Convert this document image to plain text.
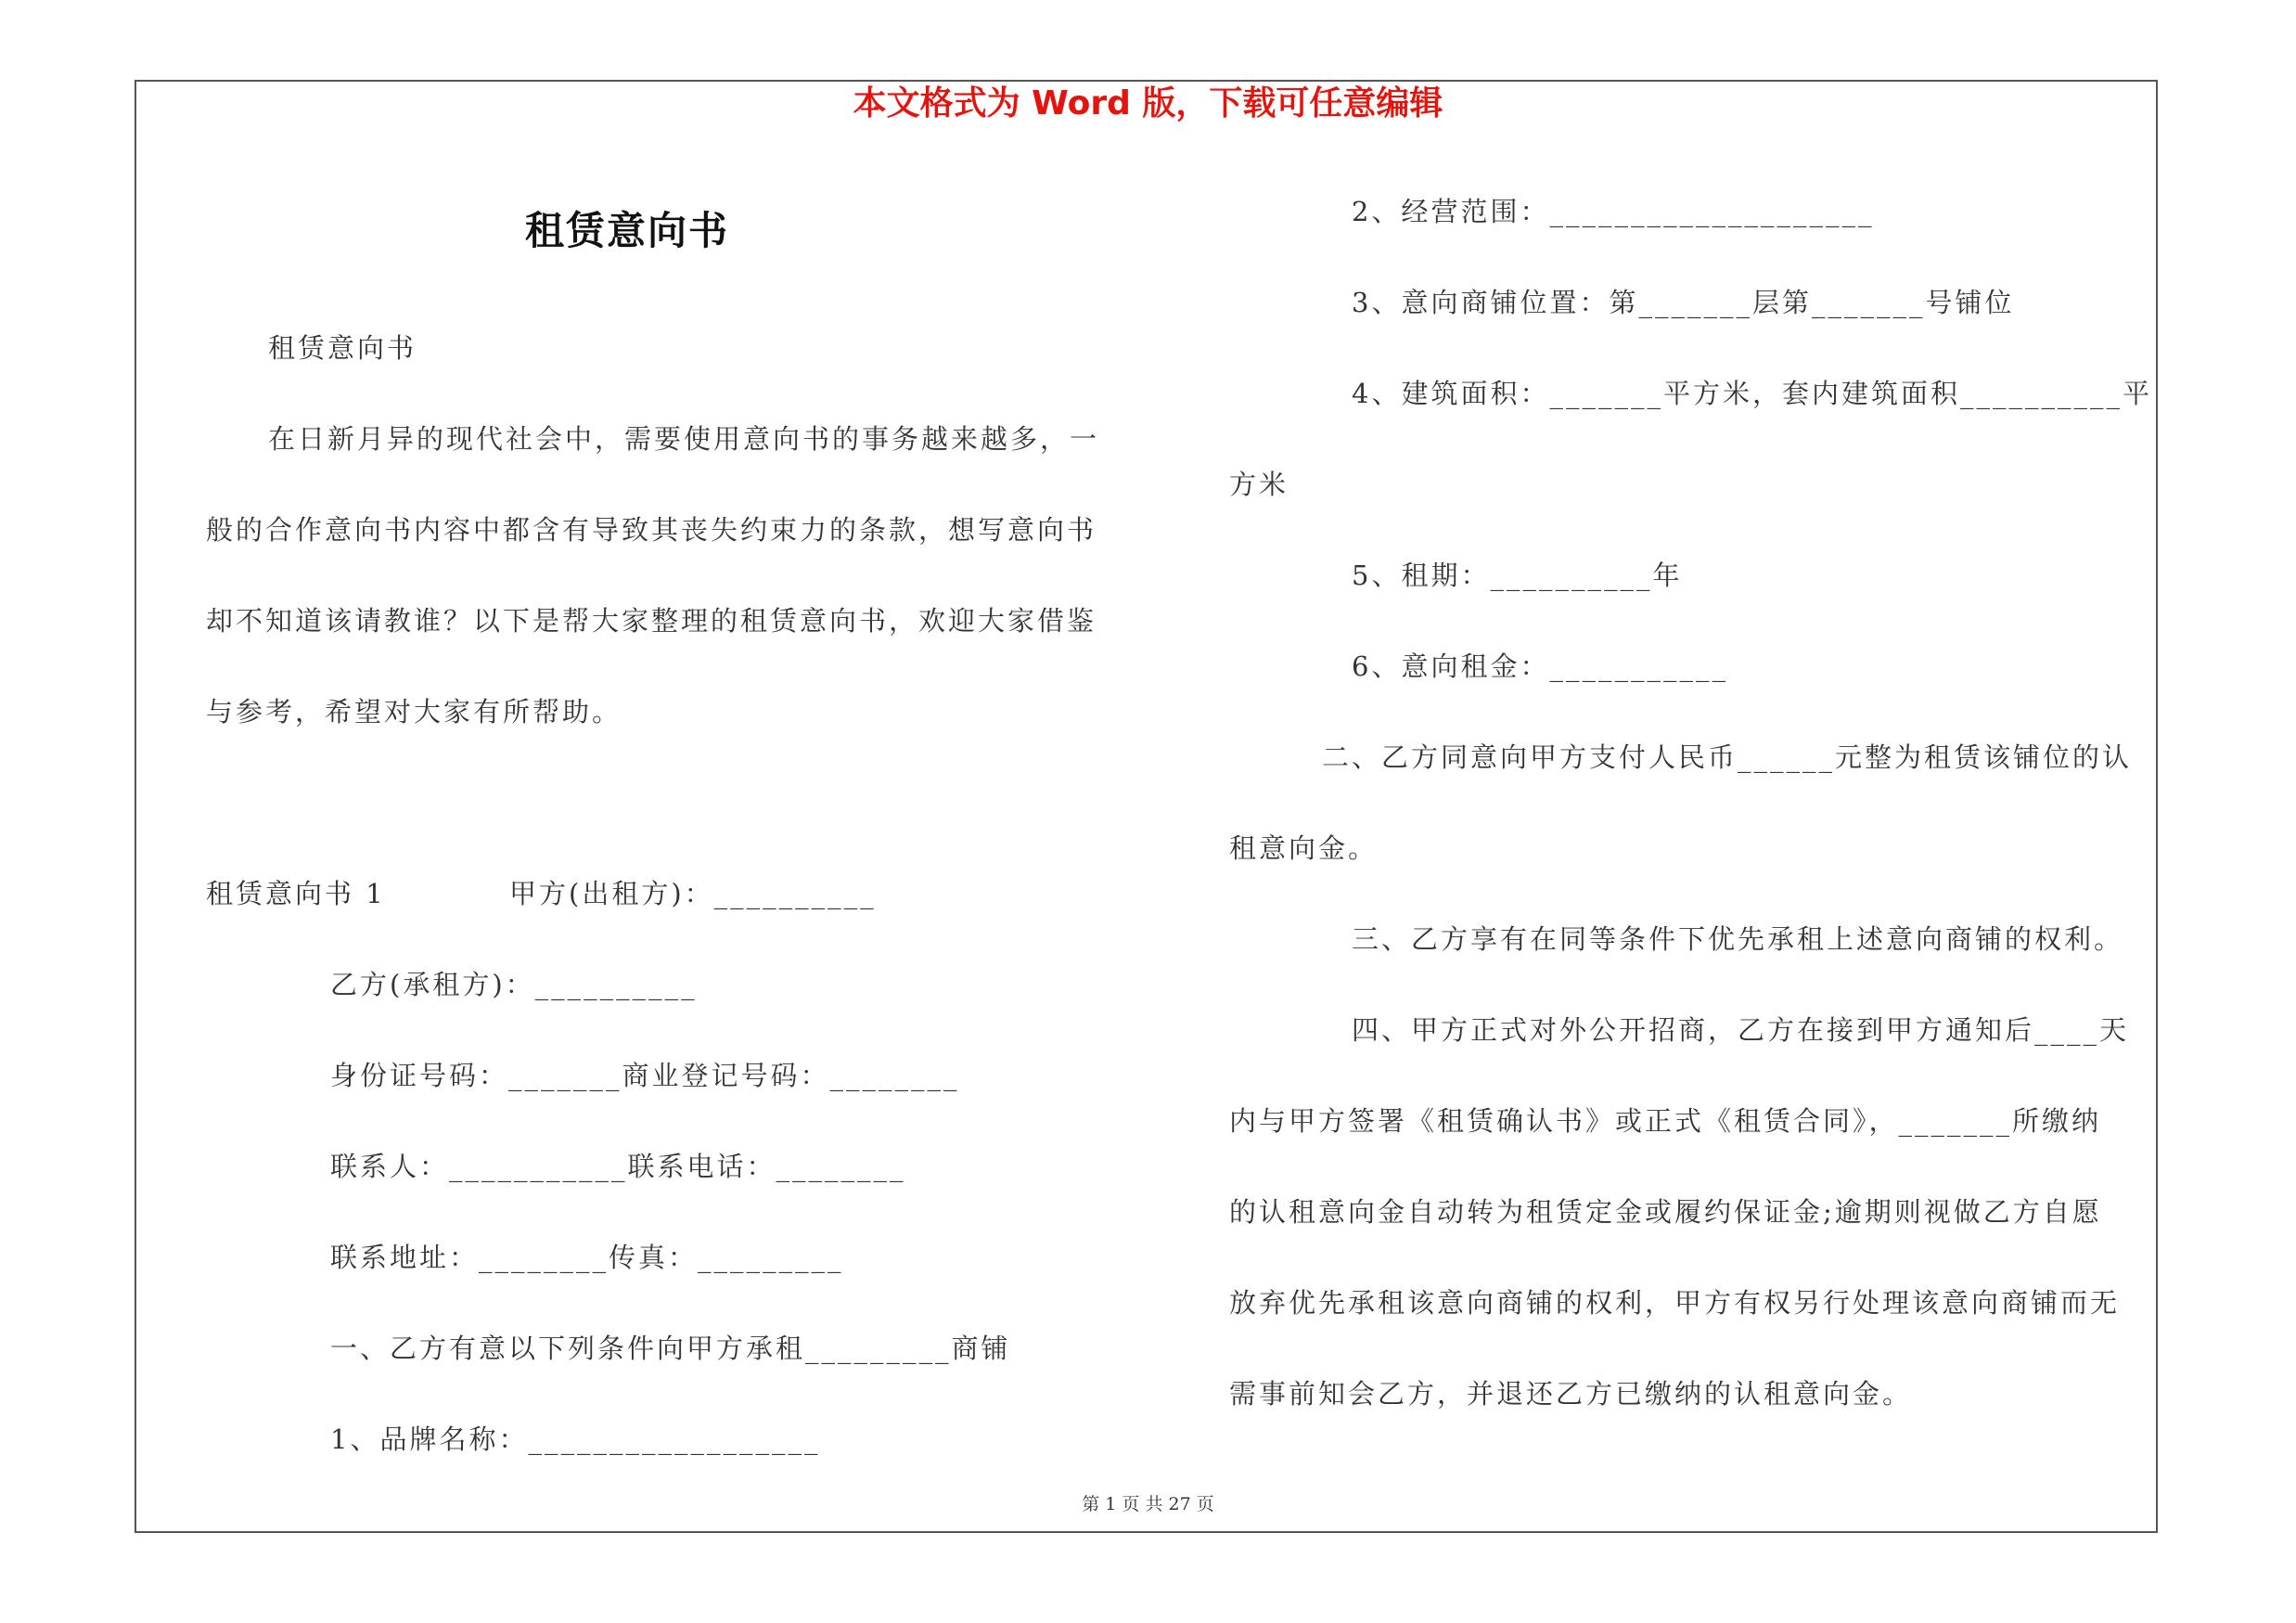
本文格式为 Word 版，下载可任意编辑
租赁意向书
租赁意向书
在日新月异的现代社会中，需要使用意向书的事务越来越多，一
般的合作意向书内容中都含有导致其丧失约束力的条款，想写意向书
却不知道该请教谁？以下是帮大家整理的租赁意向书，欢迎大家借鉴
与参考，希望对大家有所帮助。
租赁意向书 1	甲方(出租方)：__________
乙方(承租方)：__________
身份证号码：_______商业登记号码：________
联系人：___________联系电话：________
联系地址：________传真：_________
一、乙方有意以下列条件向甲方承租_________商铺
1、品牌名称：__________________
2、经营范围：____________________
3、意向商铺位置：第_______层第_______号铺位
4、建筑面积：_______平方米，套内建筑面积__________平
方米
5、租期：__________年
6、意向租金：___________
二、乙方同意向甲方支付人民币______元整为租赁该铺位的认
租意向金。
三、乙方享有在同等条件下优先承租上述意向商铺的权利。
四、甲方正式对外公开招商，乙方在接到甲方通知后____天
内与甲方签署《租赁确认书》或正式《租赁合同》，_______所缴纳
的认租意向金自动转为租赁定金或履约保证金;逾期则视做乙方自愿
放弃优先承租该意向商铺的权利，甲方有权另行处理该意向商铺而无
需事前知会乙方，并退还乙方已缴纳的认租意向金。
第 1 页 共 27 页
